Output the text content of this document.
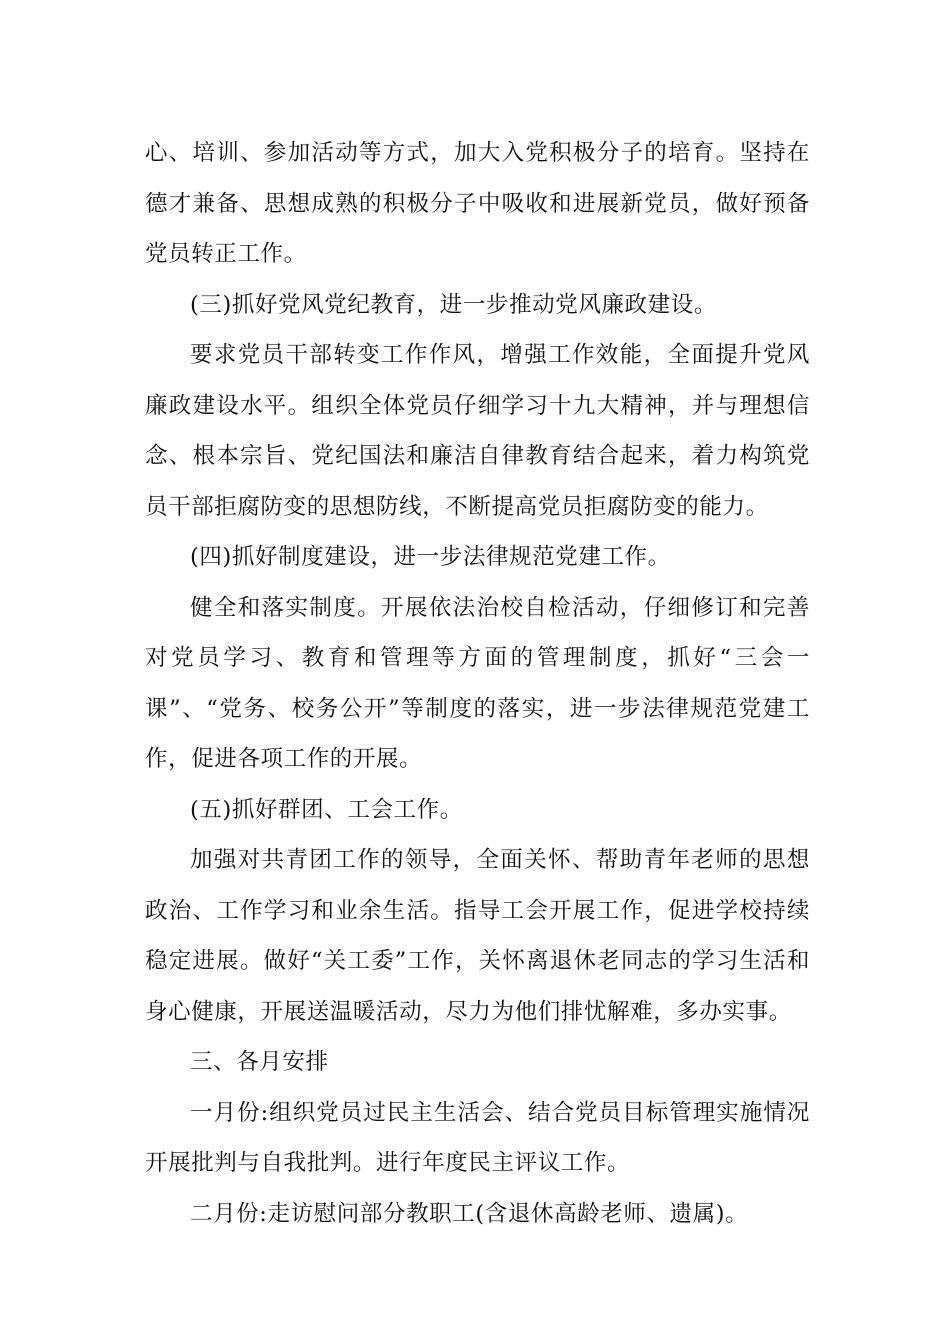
心、培训、参加活动等方式，加大入党积极分子的培育。坚持在德才兼备、思想成熟的积极分子中吸收和进展新党员，做好预备党员转正工作。

(三)抓好党风党纪教育，进一步推动党风廉政建设。

要求党员干部转变工作作风，增强工作效能，全面提升党风廉政建设水平。组织全体党员仔细学习十九大精神，并与理想信念、根本宗旨、党纪国法和廉洁自律教育结合起来，着力构筑党员干部拒腐防变的思想防线，不断提高党员拒腐防变的能力。

(四)抓好制度建设，进一步法律规范党建工作。

健全和落实制度。开展依法治校自检活动，仔细修订和完善对党员学习、教育和管理等方面的管理制度，抓好“三会一课”、“党务、校务公开”等制度的落实，进一步法律规范党建工作，促进各项工作的开展。

(五)抓好群团、工会工作。

加强对共青团工作的领导，全面关怀、帮助青年老师的思想政治、工作学习和业余生活。指导工会开展工作，促进学校持续稳定进展。做好“关工委”工作，关怀离退休老同志的学习生活和身心健康，开展送温暖活动，尽力为他们排忧解难，多办实事。

三、各月安排

一月份:组织党员过民主生活会、结合党员目标管理实施情况开展批判与自我批判。进行年度民主评议工作。

二月份:走访慰问部分教职工(含退休高龄老师、遗属)。
